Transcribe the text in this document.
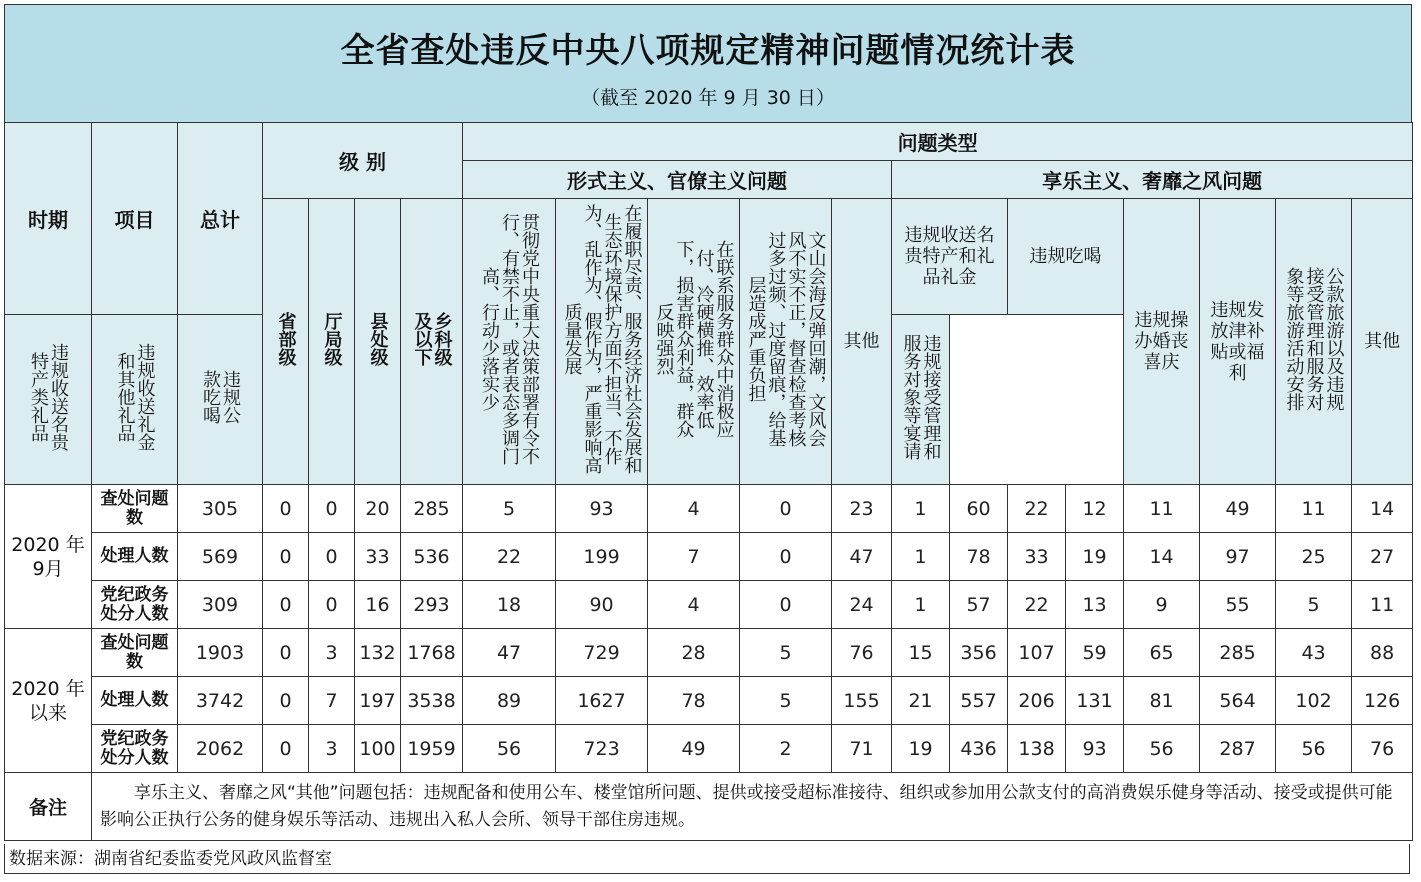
全省查处违反中央八项规定精神问题情况统计表
（截至 2020 年 9 月 30 日）
时期	项目	总计	级 别				问题类型												
							形式主义、官僚主义问题					享乐主义、奢靡之风问题							
			省部级	厅局级	县处级	乡科级及以下	贯彻党中央重大决策部署有令不行、有禁不止，或者表态多调门高、行动少落实少	在履职尽责、服务经济社会发展和生态环境保护方面不担当、不作为、乱作为、假作为，严重影响高质量发展	在联系服务群众中消极应付、冷硬横推、效率低下，损害群众利益，群众反映强烈	文山会海反弹回潮，文风会风不实不正，督查检查考核过多过频、过度留痕，给基层造成严重负担	其他	违规收送名贵特产和礼品礼金		违规吃喝		违规操办婚丧喜庆	违规发放津补贴或福利	公款旅游以及违规接受管理和服务对象等旅游活动安排	其他
违规收送名贵特产类礼品	违规收送礼金和其他礼品	违规公款吃喝										违规接受管理和服务对象等宴请							
2020 年 9月	查处问题数	305	0	0	20	285	5	93	4	0	23	1	60	22	12	11	49	11	14
	处理人数	569	0	0	33	536	22	199	7	0	47	1	78	33	19	14	97	25	27
	党纪政务处分人数	309	0	0	16	293	18	90	4	0	24	1	57	22	13	9	55	5	11
2020 年 以来	查处问题数	1903	0	3	132	1768	47	729	28	5	76	15	356	107	59	65	285	43	88
	处理人数	3742	0	7	197	3538	89	1627	78	5	155	21	557	206	131	81	564	102	126
	党纪政务处分人数	2062	0	3	100	1959	56	723	49	2	71	19	436	138	93	56	287	56	76
备注	享乐主义、奢靡之风“其他”问题包括：违规配备和使用公车、楼堂馆所问题、提供或接受超标准接待、组织或参加用公款支付的高消费娱乐健身等活动、接受或提供可能影响公正执行公务的健身娱乐等活动、违规出入私人会所、领导干部住房违规。																		
数据来源：湖南省纪委监委党风政风监督室
